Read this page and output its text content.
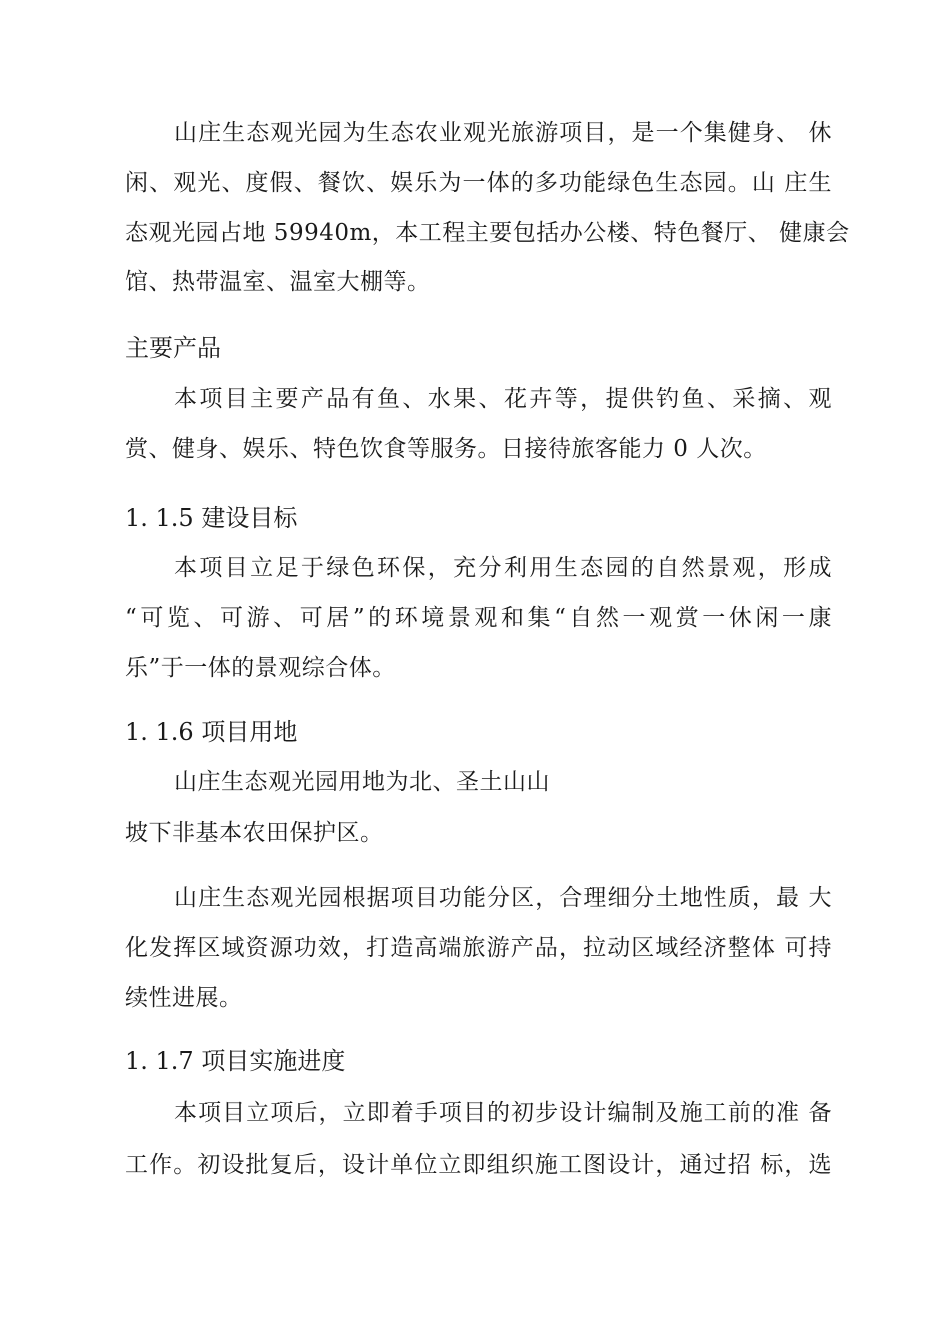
山庄生态观光园为生态农业观光旅游项目，是一个集健身、 休
闲、观光、度假、餐饮、娱乐为一体的多功能绿色生态园。山 庄生
态观光园占地 59940m，本工程主要包括办公楼、特色餐厅、 健康会
馆、热带温室、温室大棚等。
主要产品
本项目主要产品有鱼、水果、花卉等，提供钓鱼、采摘、观
赏、健身、娱乐、特色饮食等服务。日接待旅客能力 0 人次。
1. 1.5 建设目标
本项目立足于绿色环保，充分利用生态园的自然景观，形成
“可览、可游、可居”的环境景观和集“自然一观赏一休闲一康
乐”于一体的景观综合体。
1. 1.6 项目用地
山庄生态观光园用地为北、圣土山山
坡下非基本农田保护区。
山庄生态观光园根据项目功能分区，合理细分土地性质，最 大
化发挥区域资源功效，打造高端旅游产品，拉动区域经济整体 可持
续性进展。
1. 1.7 项目实施进度
本项目立项后，立即着手项目的初步设计编制及施工前的准 备
工作。初设批复后，设计单位立即组织施工图设计，通过招 标，选
